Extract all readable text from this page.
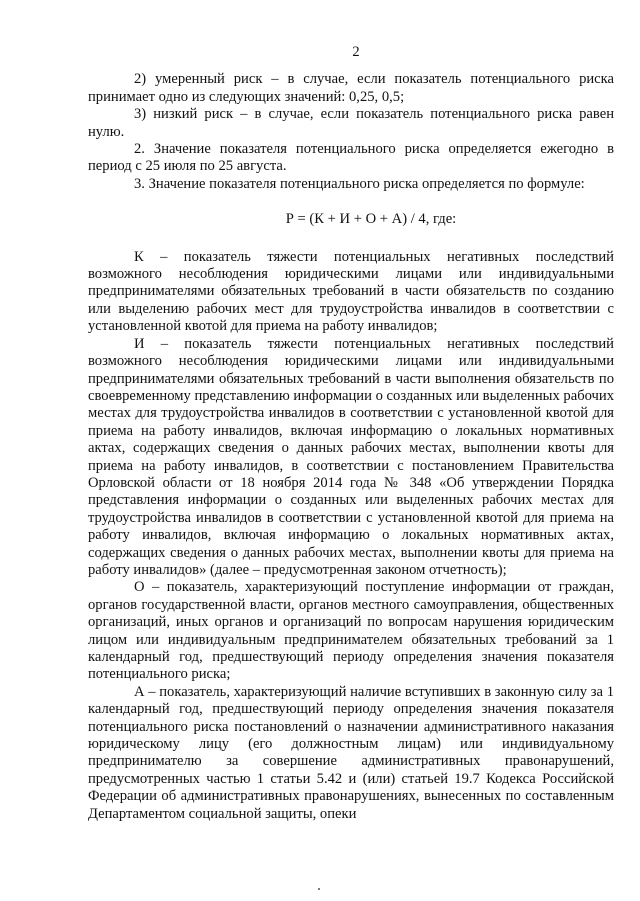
2

2) умеренный риск – в случае, если показатель потенциального риска принимает одно из следующих значений: 0,25, 0,5;

3) низкий риск – в случае, если показатель потенциального риска равен нулю.

2. Значение показателя потенциального риска определяется ежегодно в период с 25 июля по 25 августа.

3. Значение показателя потенциального риска определяется по формуле:

Р = (К + И + О + А) / 4, где:

К – показатель тяжести потенциальных негативных последствий возможного несоблюдения юридическими лицами или индивидуальными предпринимателями обязательных требований в части обязательств по созданию или выделению рабочих мест для трудоустройства инвалидов в соответствии с установленной квотой для приема на работу инвалидов;

И – показатель тяжести потенциальных негативных последствий возможного несоблюдения юридическими лицами или индивидуальными предпринимателями обязательных требований в части выполнения обязательств по своевременному представлению информации о созданных или выделенных рабочих местах для трудоустройства инвалидов в соответствии с установленной квотой для приема на работу инвалидов, включая информацию о локальных нормативных актах, содержащих сведения о данных рабочих местах, выполнении квоты для приема на работу инвалидов, в соответствии с постановлением Правительства Орловской области от 18 ноября 2014 года № 348 «Об утверждении Порядка представления информации о созданных или выделенных рабочих местах для трудоустройства инвалидов в соответствии с установленной квотой для приема на работу инвалидов, включая информацию о локальных нормативных актах, содержащих сведения о данных рабочих местах, выполнении квоты для приема на работу инвалидов» (далее – предусмотренная законом отчетность);

О – показатель, характеризующий поступление информации от граждан, органов государственной власти, органов местного самоуправления, общественных организаций, иных органов и организаций по вопросам нарушения юридическим лицом или индивидуальным предпринимателем обязательных требований за 1 календарный год, предшествующий периоду определения значения показателя потенциального риска;

А – показатель, характеризующий наличие вступивших в законную силу за 1 календарный год, предшествующий периоду определения значения показателя потенциального риска постановлений о назначении административного наказания юридическому лицу (его должностным лицам) или индивидуальному предпринимателю за совершение административных правонарушений, предусмотренных частью 1 статьи 5.42 и (или) статьей 19.7 Кодекса Российской Федерации об административных правонарушениях, вынесенных по составленным Департаментом социальной защиты, опеки
